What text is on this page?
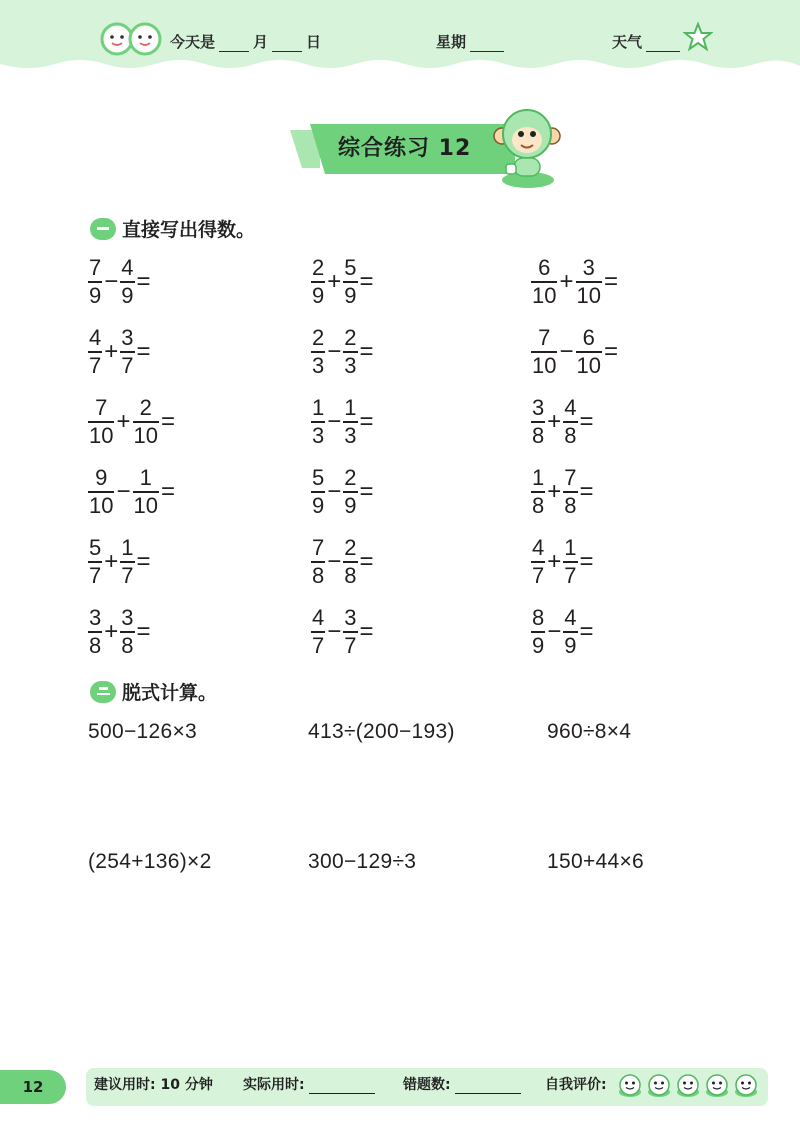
今天是	月	日	星期	天气
综合练习 12
直接写出得数。
$\frac{7}{9} - \frac{4}{9}$ =	$\frac{2}{9} + \frac{5}{9}$ =	$\frac{6}{10} + \frac{3}{10}$ =
$\frac{4}{7} + \frac{3}{7}$ =	$\frac{2}{3} - \frac{2}{3}$ =	$\frac{7}{10} - \frac{6}{10}$ =
$\frac{7}{10} + \frac{2}{10}$ =	$\frac{1}{3} - \frac{1}{3}$ =	$\frac{3}{8} + \frac{4}{8}$ =
$\frac{9}{10} - \frac{1}{10}$ =	$\frac{5}{9} - \frac{2}{9}$ =	$\frac{1}{8} + \frac{7}{8}$ =
$\frac{5}{7} + \frac{1}{7}$ =	$\frac{7}{8} - \frac{2}{8}$ =	$\frac{4}{7} + \frac{1}{7}$ =
$\frac{3}{8} + \frac{3}{8}$ =	$\frac{4}{7} - \frac{3}{7}$ =	$\frac{8}{9} - \frac{4}{9}$ =
脱式计算。
500−126×3	413÷(200−193)	960÷8×4
(254+136)×2	300−129÷3	150+44×6
12	建议用时: 10 分钟 实际用时:	错题数:	自我评价:
